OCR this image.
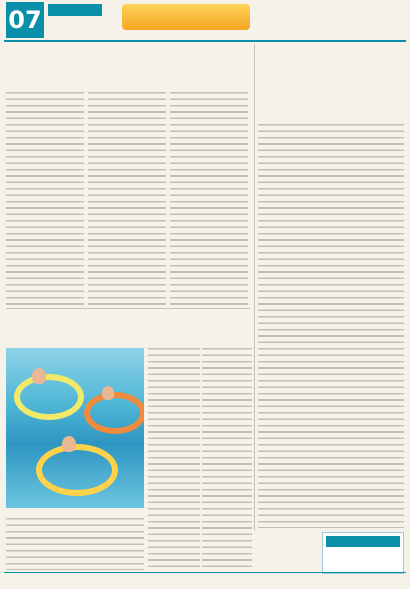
07
